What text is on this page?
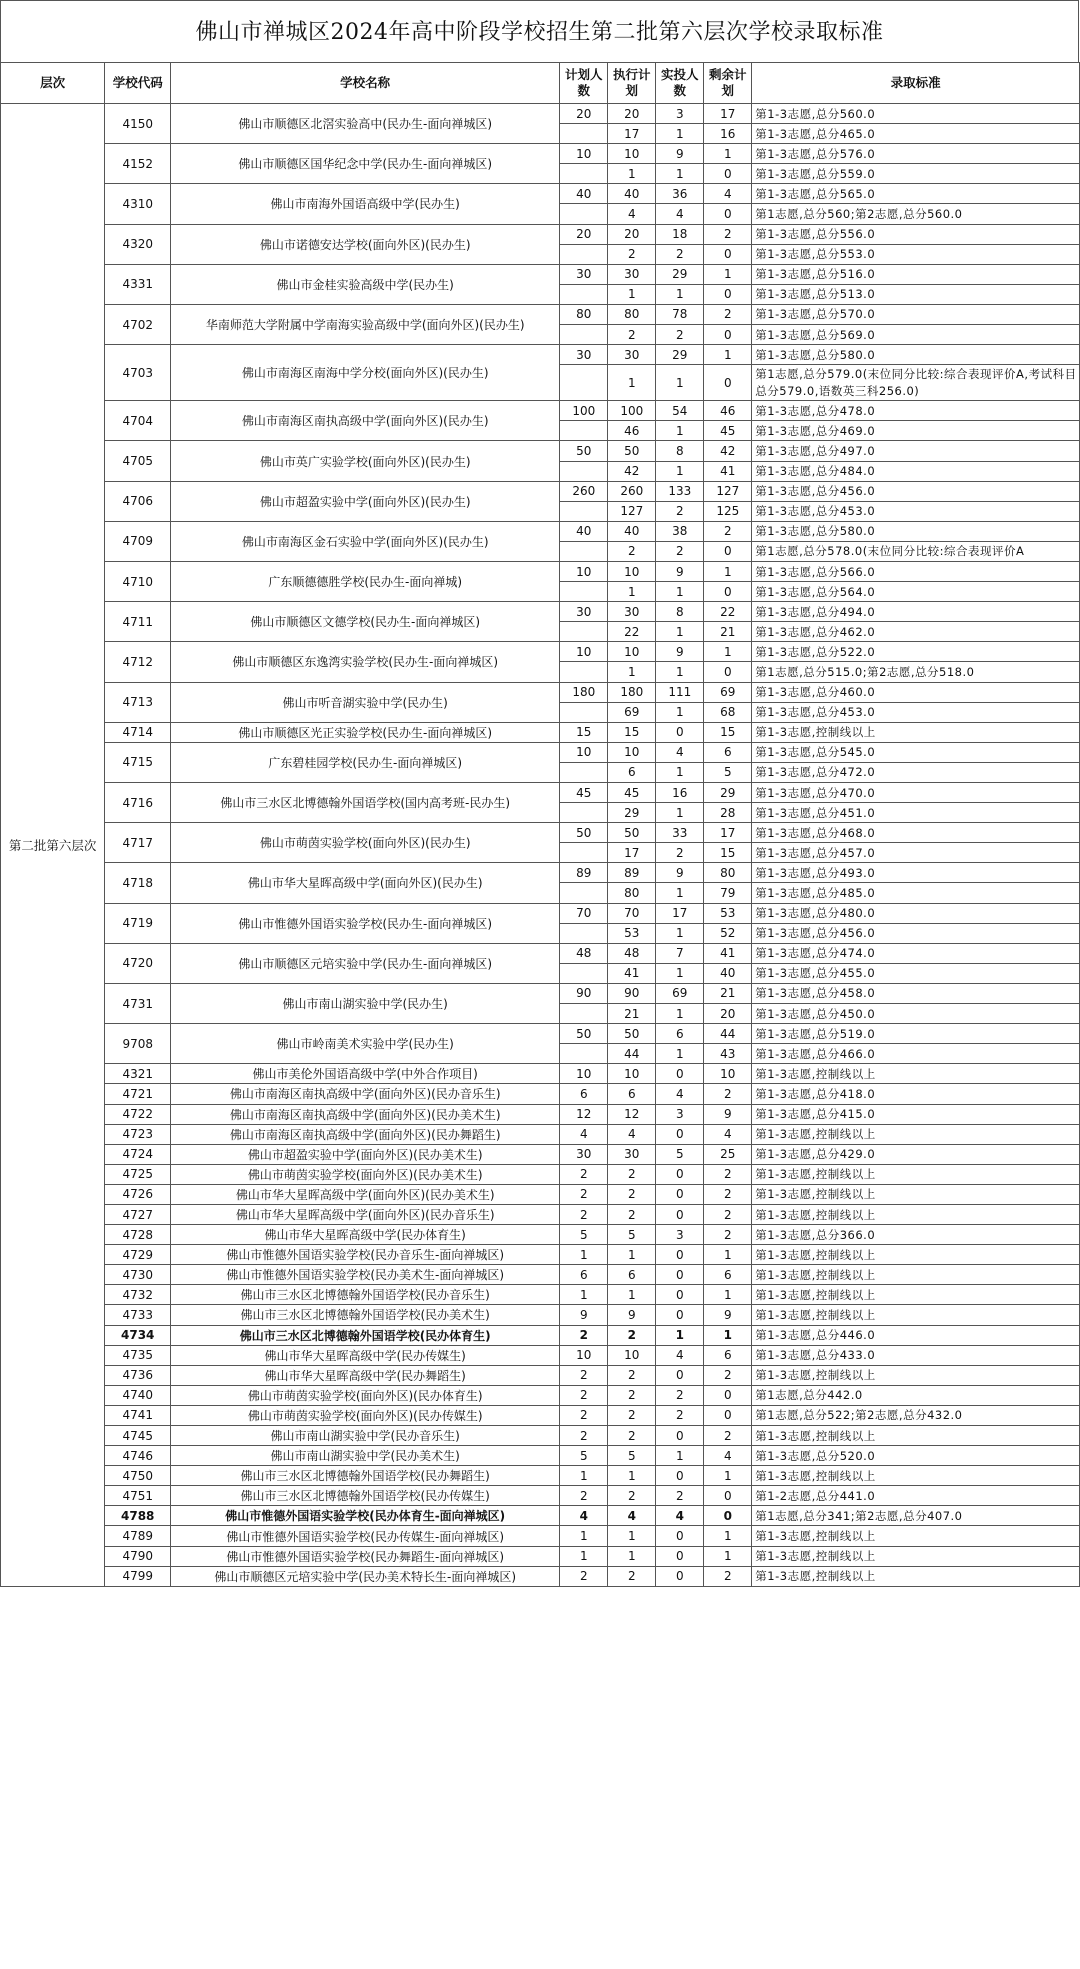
佛山市禅城区2024年高中阶段学校招生第二批第六层次学校录取标准
层次	学校代码	学校名称	计划人数	执行计划	实投人数	剩余计划	录取标准
第二批第六层次	4150	佛山市顺德区北滘实验高中(民办生-面向禅城区)	20	20	3	17	第1-3志愿,总分560.0
				17	1	16	第1-3志愿,总分465.0
	4152	佛山市顺德区国华纪念中学(民办生-面向禅城区)	10	10	9	1	第1-3志愿,总分576.0
				1	1	0	第1-3志愿,总分559.0
	4310	佛山市南海外国语高级中学(民办生)	40	40	36	4	第1-3志愿,总分565.0
				4	4	0	第1志愿,总分560;第2志愿,总分560.0
	4320	佛山市诺德安达学校(面向外区)(民办生)	20	20	18	2	第1-3志愿,总分556.0
				2	2	0	第1-3志愿,总分553.0
	4331	佛山市金桂实验高级中学(民办生)	30	30	29	1	第1-3志愿,总分516.0
				1	1	0	第1-3志愿,总分513.0
	4702	华南师范大学附属中学南海实验高级中学(面向外区)(民办生)	80	80	78	2	第1-3志愿,总分570.0
				2	2	0	第1-3志愿,总分569.0
	4703	佛山市南海区南海中学分校(面向外区)(民办生)	30	30	29	1	第1-3志愿,总分580.0
				1	1	0	第1志愿,总分579.0(末位同分比较:综合表现评价A,考试科目总分579.0,语数英三科256.0)
	4704	佛山市南海区南执高级中学(面向外区)(民办生)	100	100	54	46	第1-3志愿,总分478.0
				46	1	45	第1-3志愿,总分469.0
	4705	佛山市英广实验学校(面向外区)(民办生)	50	50	8	42	第1-3志愿,总分497.0
				42	1	41	第1-3志愿,总分484.0
	4706	佛山市超盈实验中学(面向外区)(民办生)	260	260	133	127	第1-3志愿,总分456.0
				127	2	125	第1-3志愿,总分453.0
	4709	佛山市南海区金石实验中学(面向外区)(民办生)	40	40	38	2	第1-3志愿,总分580.0
				2	2	0	第1志愿,总分578.0(末位同分比较:综合表现评价A
	4710	广东顺德德胜学校(民办生-面向禅城)	10	10	9	1	第1-3志愿,总分566.0
				1	1	0	第1-3志愿,总分564.0
	4711	佛山市顺德区文德学校(民办生-面向禅城区)	30	30	8	22	第1-3志愿,总分494.0
				22	1	21	第1-3志愿,总分462.0
	4712	佛山市顺德区东逸湾实验学校(民办生-面向禅城区)	10	10	9	1	第1-3志愿,总分522.0
				1	1	0	第1志愿,总分515.0;第2志愿,总分518.0
	4713	佛山市听音湖实验中学(民办生)	180	180	111	69	第1-3志愿,总分460.0
				69	1	68	第1-3志愿,总分453.0
	4714	佛山市顺德区光正实验学校(民办生-面向禅城区)	15	15	0	15	第1-3志愿,控制线以上
	4715	广东碧桂园学校(民办生-面向禅城区)	10	10	4	6	第1-3志愿,总分545.0
				6	1	5	第1-3志愿,总分472.0
	4716	佛山市三水区北博德翰外国语学校(国内高考班-民办生)	45	45	16	29	第1-3志愿,总分470.0
				29	1	28	第1-3志愿,总分451.0
	4717	佛山市萌茵实验学校(面向外区)(民办生)	50	50	33	17	第1-3志愿,总分468.0
				17	2	15	第1-3志愿,总分457.0
	4718	佛山市华大星晖高级中学(面向外区)(民办生)	89	89	9	80	第1-3志愿,总分493.0
				80	1	79	第1-3志愿,总分485.0
	4719	佛山市惟德外国语实验学校(民办生-面向禅城区)	70	70	17	53	第1-3志愿,总分480.0
				53	1	52	第1-3志愿,总分456.0
	4720	佛山市顺德区元培实验中学(民办生-面向禅城区)	48	48	7	41	第1-3志愿,总分474.0
				41	1	40	第1-3志愿,总分455.0
	4731	佛山市南山湖实验中学(民办生)	90	90	69	21	第1-3志愿,总分458.0
				21	1	20	第1-3志愿,总分450.0
	9708	佛山市岭南美术实验中学(民办生)	50	50	6	44	第1-3志愿,总分519.0
				44	1	43	第1-3志愿,总分466.0
	4321	佛山市美伦外国语高级中学(中外合作项目)	10	10	0	10	第1-3志愿,控制线以上
	4721	佛山市南海区南执高级中学(面向外区)(民办音乐生)	6	6	4	2	第1-3志愿,总分418.0
	4722	佛山市南海区南执高级中学(面向外区)(民办美术生)	12	12	3	9	第1-3志愿,总分415.0
	4723	佛山市南海区南执高级中学(面向外区)(民办舞蹈生)	4	4	0	4	第1-3志愿,控制线以上
	4724	佛山市超盈实验中学(面向外区)(民办美术生)	30	30	5	25	第1-3志愿,总分429.0
	4725	佛山市萌茵实验学校(面向外区)(民办美术生)	2	2	0	2	第1-3志愿,控制线以上
	4726	佛山市华大星晖高级中学(面向外区)(民办美术生)	2	2	0	2	第1-3志愿,控制线以上
	4727	佛山市华大星晖高级中学(面向外区)(民办音乐生)	2	2	0	2	第1-3志愿,控制线以上
	4728	佛山市华大星晖高级中学(民办体育生)	5	5	3	2	第1-3志愿,总分366.0
	4729	佛山市惟德外国语实验学校(民办音乐生-面向禅城区)	1	1	0	1	第1-3志愿,控制线以上
	4730	佛山市惟德外国语实验学校(民办美术生-面向禅城区)	6	6	0	6	第1-3志愿,控制线以上
	4732	佛山市三水区北博德翰外国语学校(民办音乐生)	1	1	0	1	第1-3志愿,控制线以上
	4733	佛山市三水区北博德翰外国语学校(民办美术生)	9	9	0	9	第1-3志愿,控制线以上
	4734	佛山市三水区北博德翰外国语学校(民办体育生)	2	2	1	1	第1-3志愿,总分446.0
	4735	佛山市华大星晖高级中学(民办传媒生)	10	10	4	6	第1-3志愿,总分433.0
	4736	佛山市华大星晖高级中学(民办舞蹈生)	2	2	0	2	第1-3志愿,控制线以上
	4740	佛山市萌茵实验学校(面向外区)(民办体育生)	2	2	2	0	第1志愿,总分442.0
	4741	佛山市萌茵实验学校(面向外区)(民办传媒生)	2	2	2	0	第1志愿,总分522;第2志愿,总分432.0
	4745	佛山市南山湖实验中学(民办音乐生)	2	2	0	2	第1-3志愿,控制线以上
	4746	佛山市南山湖实验中学(民办美术生)	5	5	1	4	第1-3志愿,总分520.0
	4750	佛山市三水区北博德翰外国语学校(民办舞蹈生)	1	1	0	1	第1-3志愿,控制线以上
	4751	佛山市三水区北博德翰外国语学校(民办传媒生)	2	2	2	0	第1-2志愿,总分441.0
	4788	佛山市惟德外国语实验学校(民办体育生-面向禅城区)	4	4	4	0	第1志愿,总分341;第2志愿,总分407.0
	4789	佛山市惟德外国语实验学校(民办传媒生-面向禅城区)	1	1	0	1	第1-3志愿,控制线以上
	4790	佛山市惟德外国语实验学校(民办舞蹈生-面向禅城区)	1	1	0	1	第1-3志愿,控制线以上
	4799	佛山市顺德区元培实验中学(民办美术特长生-面向禅城区)	2	2	0	2	第1-3志愿,控制线以上
